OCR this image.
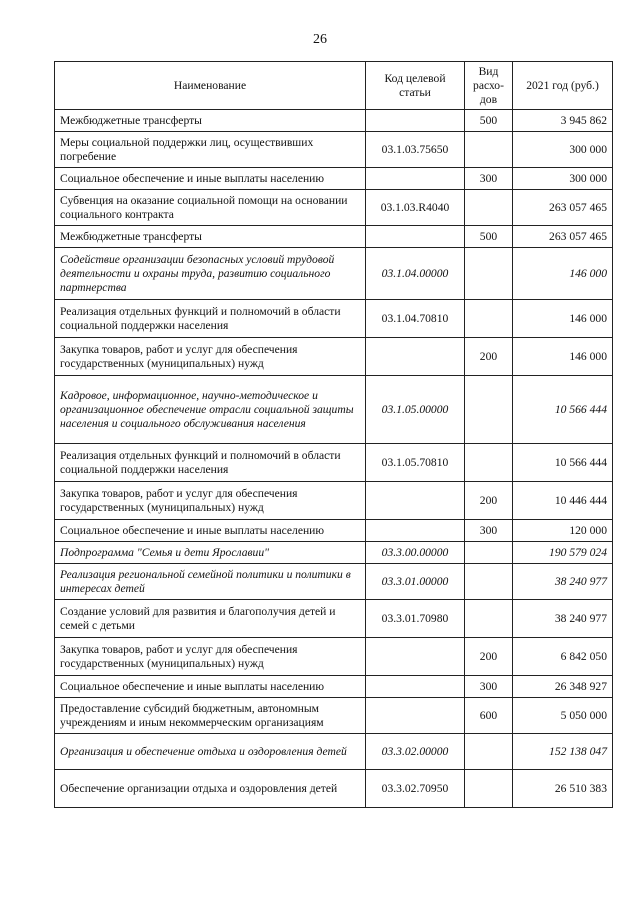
26
Наименование	Код целевой статьи	Вид расхо-дов	2021 год (руб.)
Межбюджетные трансферты		500	3 945 862
Меры социальной поддержки лиц, осуществивших погребение	03.1.03.75650		300 000
Социальное обеспечение и иные выплаты населению		300	300 000
Субвенция на оказание социальной помощи на основании социального контракта	03.1.03.R4040		263 057 465
Межбюджетные трансферты		500	263 057 465
Содействие организации безопасных условий трудовой деятельности и охраны труда, развитию социального партнерства	03.1.04.00000		146 000
Реализация отдельных функций и полномочий в области социальной поддержки населения	03.1.04.70810		146 000
Закупка товаров, работ и услуг для обеспечения государственных (муниципальных) нужд		200	146 000
Кадровое, информационное, научно-методическое и организационное обеспечение отрасли социальной защиты населения и социального обслуживания населения	03.1.05.00000		10 566 444
Реализация отдельных функций и полномочий в области социальной поддержки населения	03.1.05.70810		10 566 444
Закупка товаров, работ и услуг для обеспечения государственных (муниципальных) нужд		200	10 446 444
Социальное обеспечение и иные выплаты населению		300	120 000
Подпрограмма "Семья и дети Ярославии"	03.3.00.00000		190 579 024
Реализация региональной семейной политики и политики в интересах детей	03.3.01.00000		38 240 977
Создание условий для развития и благополучия детей и семей с детьми	03.3.01.70980		38 240 977
Закупка товаров, работ и услуг для обеспечения государственных (муниципальных) нужд		200	6 842 050
Социальное обеспечение и иные выплаты населению		300	26 348 927
Предоставление субсидий бюджетным, автономным учреждениям и иным некоммерческим организациям		600	5 050 000
Организация и обеспечение отдыха и оздоровления детей	03.3.02.00000		152 138 047
Обеспечение организации отдыха и оздоровления детей	03.3.02.70950		26 510 383
